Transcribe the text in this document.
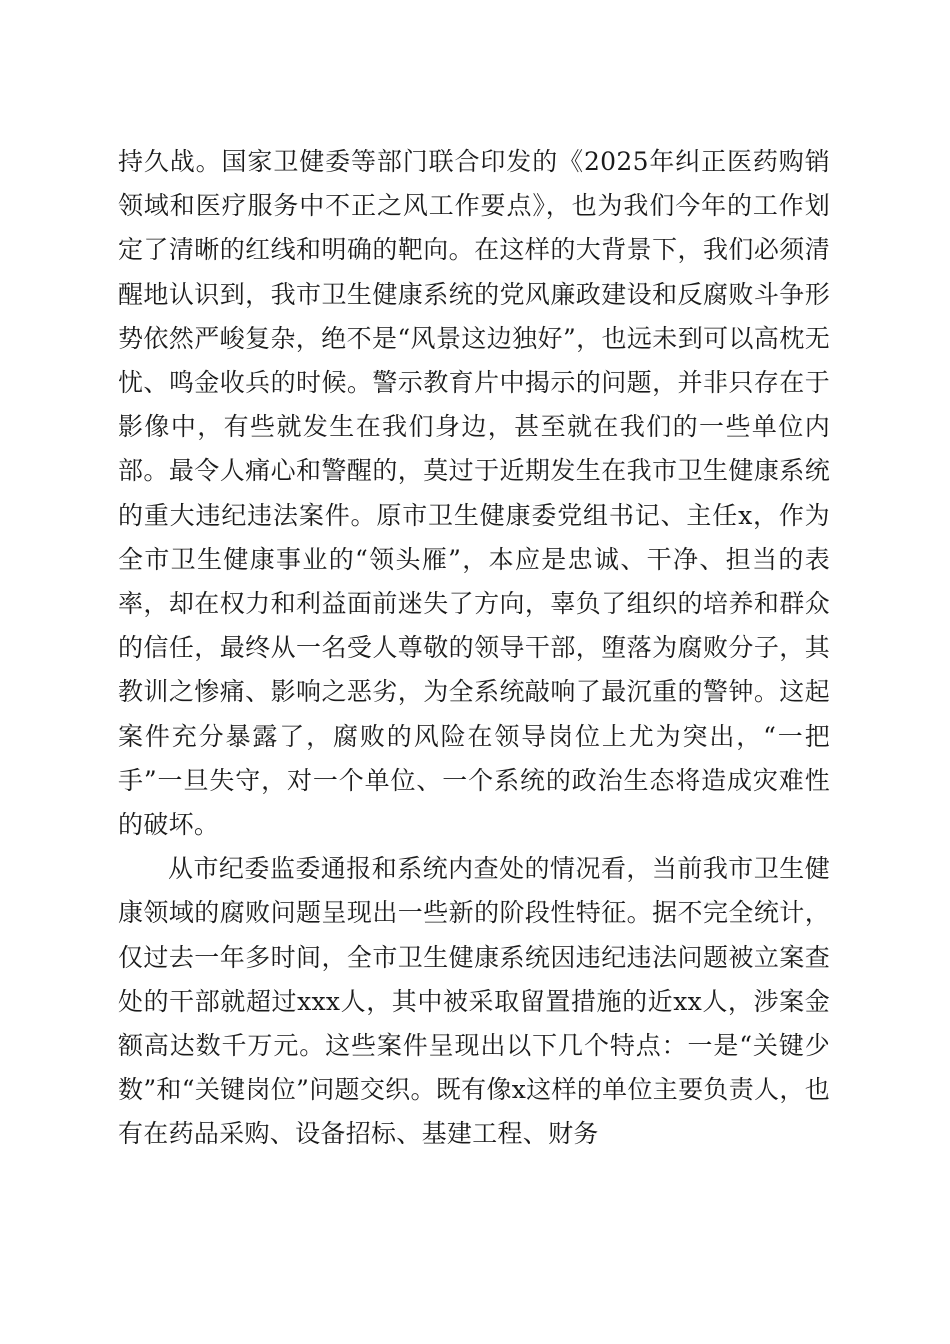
持久战。国家卫健委等部门联合印发的《2025年纠正医药购销领域和医疗服务中不正之风工作要点》，也为我们今年的工作划定了清晰的红线和明确的靶向。在这样的大背景下，我们必须清醒地认识到，我市卫生健康系统的党风廉政建设和反腐败斗争形势依然严峻复杂，绝不是“风景这边独好”，也远未到可以高枕无忧、鸣金收兵的时候。警示教育片中揭示的问题，并非只存在于影像中，有些就发生在我们身边，甚至就在我们的一些单位内部。最令人痛心和警醒的，莫过于近期发生在我市卫生健康系统的重大违纪违法案件。原市卫生健康委党组书记、主任x，作为全市卫生健康事业的“领头雁”，本应是忠诚、干净、担当的表率，却在权力和利益面前迷失了方向，辜负了组织的培养和群众的信任，最终从一名受人尊敬的领导干部，堕落为腐败分子，其教训之惨痛、影响之恶劣，为全系统敲响了最沉重的警钟。这起案件充分暴露了，腐败的风险在领导岗位上尤为突出，“一把手”一旦失守，对一个单位、一个系统的政治生态将造成灾难性的破坏。

从市纪委监委通报和系统内查处的情况看，当前我市卫生健康领域的腐败问题呈现出一些新的阶段性特征。据不完全统计，仅过去一年多时间，全市卫生健康系统因违纪违法问题被立案查处的干部就超过xxx人，其中被采取留置措施的近xx人，涉案金额高达数千万元。这些案件呈现出以下几个特点：一是“关键少数”和“关键岗位”问题交织。既有像x这样的单位主要负责人，也有在药品采购、设备招标、基建工程、财务
